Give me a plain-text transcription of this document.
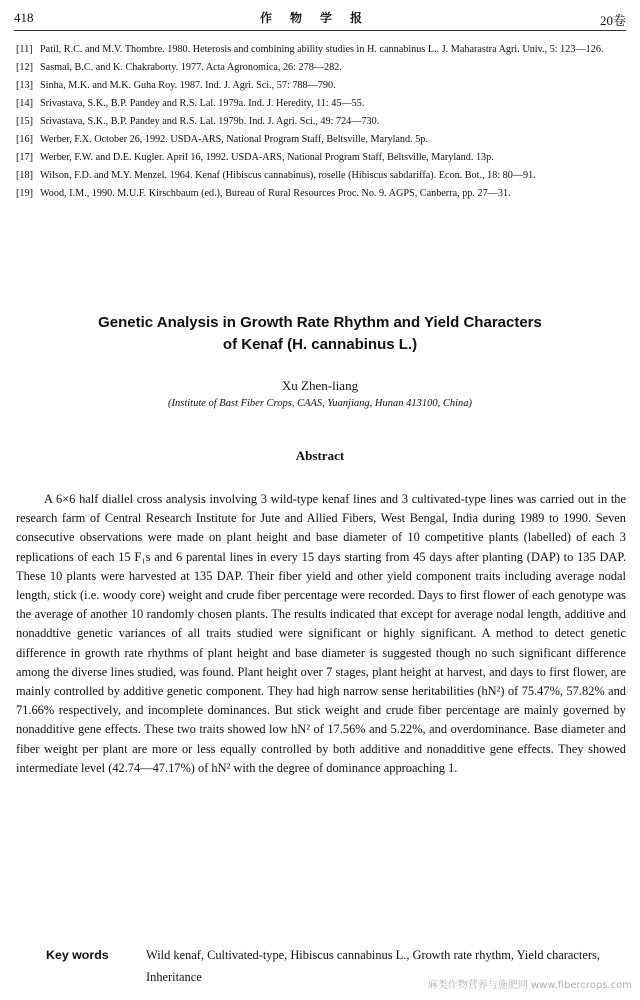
418	作物学报	20卷
[11] Patil, R.C. and M.V. Thombre. 1980. Heterosis and combining ability studies in H. cannabinus L.. J. Maharastra Agri. Univ., 5: 123—126.
[12] Sasmal, B.C. and K. Chakraborty. 1977. Acta Agronomica, 26: 278—282.
[13] Sinha, M.K. and M.K. Guha Roy. 1987. Ind. J. Agri. Sci., 57: 788—790.
[14] Srivastava, S.K., B.P. Pandey and R.S. Lal. 1979a. Ind. J. Heredity, 11: 45—55.
[15] Srivastava, S.K., B.P. Pandey and R.S. Lal. 1979b. Ind. J. Agri. Sci., 49: 724—730.
[16] Werber, F.X. October 26, 1992. USDA-ARS, National Program Staff, Beltsville, Maryland. 5p.
[17] Werber, F.W. and D.E. Kugler. April 16, 1992. USDA-ARS, National Program Staff, Beltsville, Maryland. 13p.
[18] Wilson, F.D. and M.Y. Menzel. 1964. Kenaf (Hibiscus cannabinus), roselle (Hibiscus sabdariffa). Econ. Bot., 18: 80—91.
[19] Wood, I.M., 1990. M.U.F. Kirschbaum (ed.), Bureau of Rural Resources Proc. No. 9. AGPS, Canberra, pp. 27—31.
Genetic Analysis in Growth Rate Rhythm and Yield Characters
of Kenaf (H. cannabinus L.)
Xu Zhen-liang
(Institute of Bast Fiber Crops, CAAS, Yuanjiang, Hunan 413100, China)
Abstract
A 6×6 half diallel cross analysis involving 3 wild-type kenaf lines and 3 cultivated-type lines was carried out in the research farm of Central Research Institute for Jute and Allied Fibers, West Bengal, India during 1989 to 1990. Seven consecutive observations were made on plant height and base diameter of 10 competitive plants (labelled) of each 3 replications of each 15 F₁s and 6 parental lines in every 15 days starting from 45 days after planting (DAP) to 135 DAP. These 10 plants were harvested at 135 DAP. Their fiber yield and other yield component traits including average nodal length, stick (i.e. woody core) weight and crude fiber percentage were recorded. Days to first flower of each genotype was the average of another 10 randomly chosen plants. The results indicated that except for average nodal length, additive and nonaddtive genetic variances of all traits studied were significant or highly significant. A method to detect genetic difference in growth rate rhythms of plant height and base diameter is suggested though no such significant difference among the diverse lines studied, was found. Plant height over 7 stages, plant height at harvest, and days to first flower, are mainly controlled by additive genetic component. They had high narrow sense heritabilities (hN²) of 75.47%, 57.82% and 71.66% respectively, and incomplete dominances. But stick weight and crude fiber percentage are mainly governed by nonadditive gene effects. These two traits showed low hN² of 17.56% and 5.22%, and overdominance. Base diameter and fiber weight per plant are more or less equally controlled by both additive and nonadditive gene effects. They showed intermediate level (42.74—47.17%) of hN² with the degree of dominance approaching 1.
Key words	Wild kenaf, Cultivated-type, Hibiscus cannabinus L., Growth rate rhythm, Yield characters, Inheritance
麻类作物营养与施肥网 www.fibercrops.com
